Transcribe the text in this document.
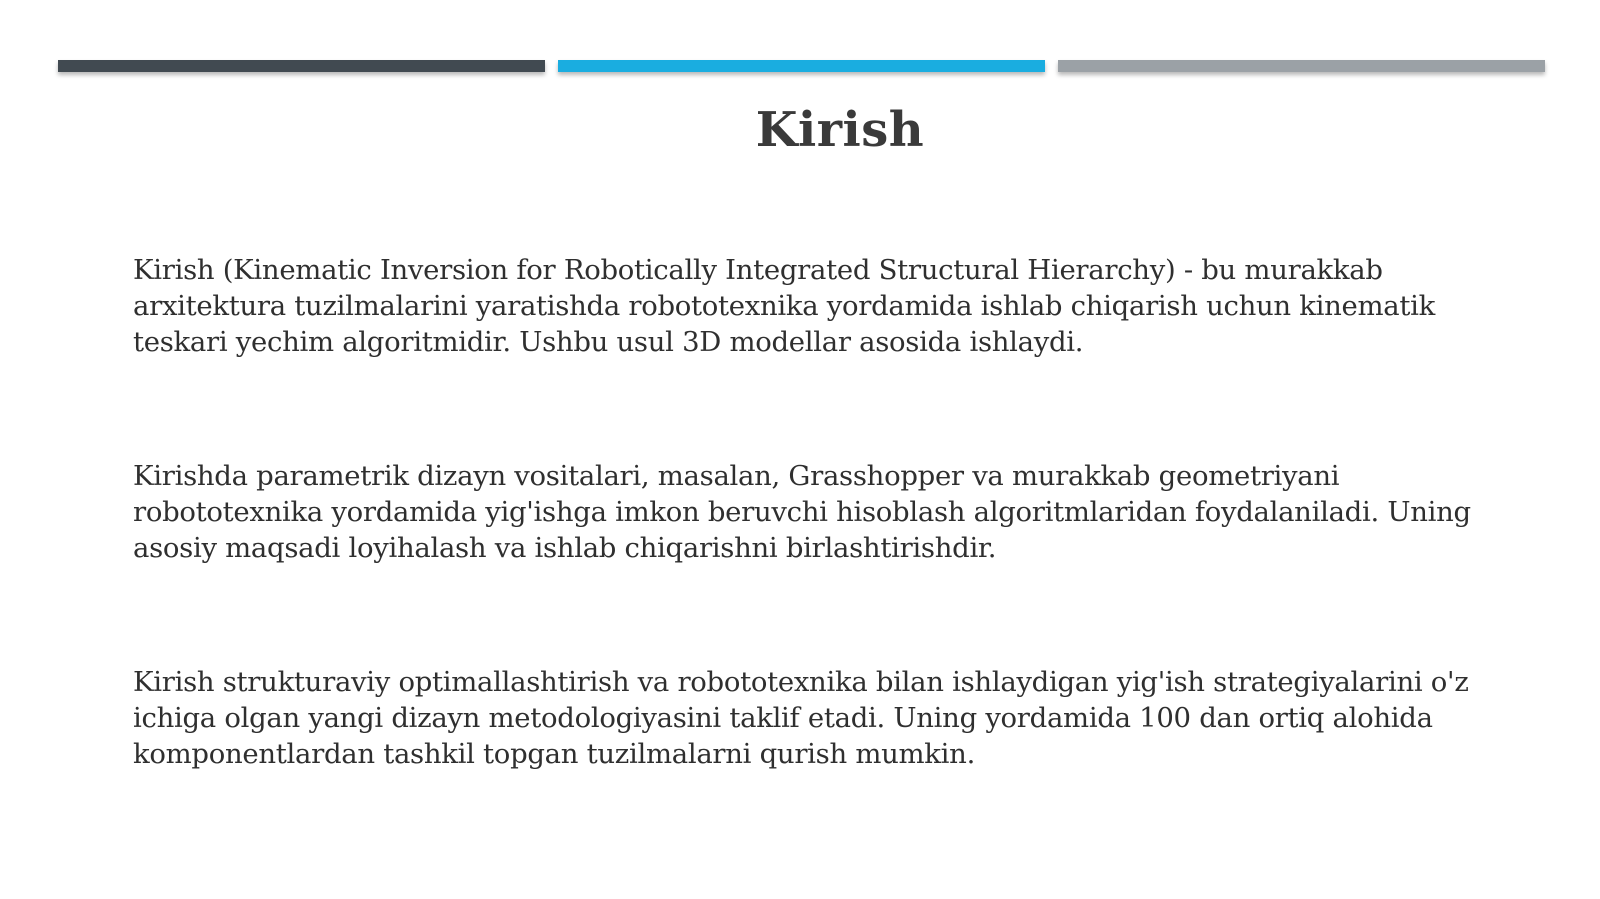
Kirish

Kirish (Kinematic Inversion for Robotically Integrated Structural Hierarchy) - bu murakkab arxitektura tuzilmalarini yaratishda robototexnika yordamida ishlab chiqarish uchun kinematik teskari yechim algoritmidir. Ushbu usul 3D modellar asosida ishlaydi.

Kirishda parametrik dizayn vositalari, masalan, Grasshopper va murakkab geometriyani robototexnika yordamida yig'ishga imkon beruvchi hisoblash algoritmlaridan foydalaniladi. Uning asosiy maqsadi loyihalash va ishlab chiqarishni birlashtirishdir.

Kirish strukturaviy optimallashtirish va robototexnika bilan ishlaydigan yig'ish strategiyalarini o'z ichiga olgan yangi dizayn metodologiyasini taklif etadi. Uning yordamida 100 dan ortiq alohida komponentlardan tashkil topgan tuzilmalarni qurish mumkin.
